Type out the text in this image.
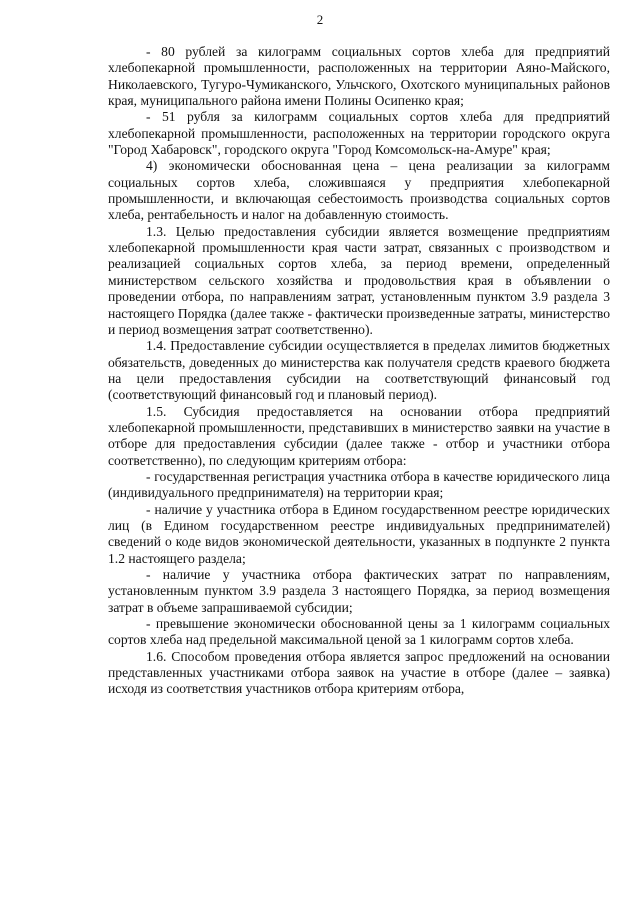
2

- 80 рублей за килограмм социальных сортов хлеба для предприятий хлебопекарной промышленности, расположенных на территории Аяно-Майского, Николаевского, Тугуро-Чумиканского, Ульчского, Охотского муниципальных районов края, муниципального района имени Полины Осипенко края;

- 51 рубля за килограмм социальных сортов хлеба для предприятий хлебопекарной промышленности, расположенных на территории городского округа "Город Хабаровск", городского округа "Город Комсомольск-на-Амуре" края;

4) экономически обоснованная цена – цена реализации за килограмм социальных сортов хлеба, сложившаяся у предприятия хлебопекарной промышленности, и включающая себестоимость производства социальных сортов хлеба, рентабельность и налог на добавленную стоимость.

1.3. Целью предоставления субсидии является возмещение предприятиям хлебопекарной промышленности края части затрат, связанных с производством и реализацией социальных сортов хлеба, за период времени, определенный министерством сельского хозяйства и продовольствия края в объявлении о проведении отбора, по направлениям затрат, установленным пунктом 3.9 раздела 3 настоящего Порядка (далее также - фактически произведенные затраты, министерство и период возмещения затрат соответственно).

1.4. Предоставление субсидии осуществляется в пределах лимитов бюджетных обязательств, доведенных до министерства как получателя средств краевого бюджета на цели предоставления субсидии на соответствующий финансовый год (соответствующий финансовый год и плановый период).

1.5. Субсидия предоставляется на основании отбора предприятий хлебопекарной промышленности, представивших в министерство заявки на участие в отборе для предоставления субсидии (далее также - отбор и участники отбора соответственно), по следующим критериям отбора:

- государственная регистрация участника отбора в качестве юридического лица (индивидуального предпринимателя) на территории края;

- наличие у участника отбора в Едином государственном реестре юридических лиц (в Едином государственном реестре индивидуальных предпринимателей) сведений о коде видов экономической деятельности, указанных в подпункте 2 пункта 1.2 настоящего раздела;

- наличие у участника отбора фактических затрат по направлениям, установленным пунктом 3.9 раздела 3 настоящего Порядка, за период возмещения затрат в объеме запрашиваемой субсидии;

- превышение экономически обоснованной цены за 1 килограмм социальных сортов хлеба над предельной максимальной ценой за 1 килограмм сортов хлеба.

1.6. Способом проведения отбора является запрос предложений на основании представленных участниками отбора заявок на участие в отборе (далее – заявка) исходя из соответствия участников отбора критериям отбора,
